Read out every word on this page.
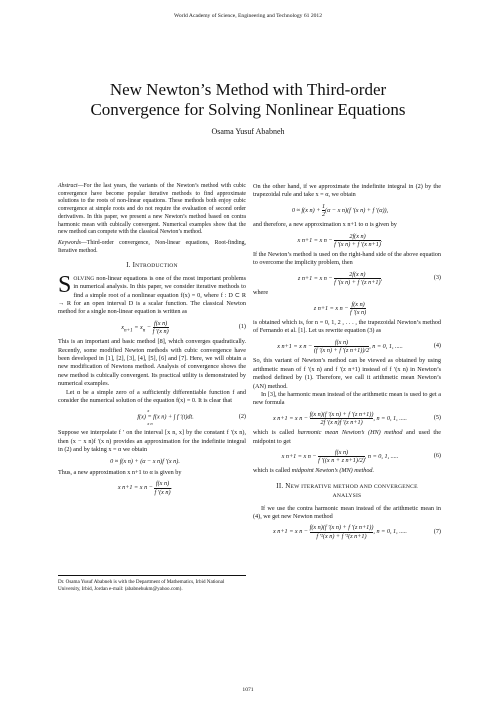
World Academy of Science, Engineering and Technology 61 2012
New Newton’s Method with Third-order
Convergence for Solving Nonlinear Equations
Osama Yusuf Ababneh

Abstract—For the last years, the variants of the Newton’s method with cubic convergence have become popular iterative methods to find approximate solutions to the roots of non-linear equations. These methods both enjoy cubic convergence at simple roots and do not require the evaluation of second order derivatives. In this paper, we present a new Newton’s method based on contra harmonic mean with cubically convergent. Numerical examples show that the new method can compete with the classical Newton’s method.

Keywords—Third-order convergence, Non-linear equations, Root-finding, Iterative method.

I. INTRODUCTION

SOLVING non-linear equations is one of the most important problems in numerical analysis. In this paper, we consider iterative methods to find a simple root of a nonlinear equation f(x) = 0, where f : D ⊂ R → R for an open interval D is a scalar function. The classical Newton method for a single non-linear equation is written as

$x_{n+1} = x_n - \frac{\text{f(x n)}}{\text{f ′(x n)}}$	(1)

This is an important and basic method [8], which converges quadratically. Recently, some modified Newton methods with cubic convergence have been developed in [1], [2], [3], [4], [5], [6] and [7]. Here, we will obtain a new modification of Newtons method. Analysis of convergence shows the new method is cubically convergent. Its practical utility is demonstrated by numerical examples.

Let α be a simple zero of a sufficiently differentiable function f and consider the numerical solution of the equation f(x) = 0. It is clear that

f(x) = f(x n) + ∫ f ′(t)dt.
x
x n
(2)

Suppose we interpolate f ′ on the interval [x n, x] by the constant f ′(x n), then (x − x n)f ′(x n) provides an approximation for the indefinite integral in (2) and by taking x = α we obtain

0 ≈ f(x n) + (α − x n)f ′(x n).

Thus, a new approximation x n+1 to α is given by

x n+1 = x $n - \frac{\text{f(x n)}}{\text{f ′(x n)}}$ .
Dr. Osama Yusuf Ababneh is with the Department of Mathematics, Irbid National University, Irbid, Jordan e-mail: (ababnehukm@yahoo.com).

On the other hand, if we approximate the indefinite integral in (2) by the trapezoidal rule and take x = α, we obtain

0 ≈ f(x $n) + \frac{1}{2} (\alpha - x$ n)(f ′(x n) + f ′(α)),

and therefore, a new approximation x n+1 to α is given by

x n+1 = x $n - \frac{\text{2f(x n)}}{\text{f ′(x n) + f ′(x n+1)}}$ .

If the Newton’s method is used on the right-hand side of the above equation to overcome the implicity problem, then

z n+1 = x $n - \frac{\text{2f(x n)}}{\text{f ′(x n) + f ′(z n+1)}}$ ,	(3)

where

z n+1 = x $n - \frac{\text{f(x n)}}{\text{f ′(x n)}}$

is obtained which is, for n = 0, 1, 2 , . . . , the trapezoidal Newton’s method of Fernando et al. [1]. Let us rewrite equation (3) as

x n+1 = x $n - \frac{\text{f(x n)}}{\text{(f ′(x n) + f ′(z n+1))/2}}$ , n = 0, 1, .....	(4)

So, this variant of Newton’s method can be viewed as obtained by using arithmetic mean of f ′(x n) and f ′(z n+1) instead of f ′(x n) in Newton’s method defined by (1). Therefore, we call it arithmetic mean Newton’s (AN) method.

In [3], the harmonic mean instead of the arithmetic mean is used to get a new formula

x n+1 = x $n - \frac{\text{f(x n)(f ′(x n) + f ′(z n+1))}}{\text{2f ′(x n)f ′(z n+1)}}$ , n = 0, 1, .....	(5)

which is called harmonic mean Newton’s (HN) method and used the midpoint to get

x n+1 = x $n - \frac{\text{f(x n)}}{\text{f ′((x n + z n+1)/2)}}$ , n = 0, 1, .....	(6)

which is called midpoint Newton’s (MN) method.

II. NEW ITERATIVE METHOD AND CONVERGENCE
ANALYSIS

If we use the contra harmonic mean instead of the arithmetic mean in (4), we get new Newton method

x n+1 = x $n - \frac{\text{f(x n)(f ′(x n) + f ′(z n+1))}}{\text{f ′²(x n) + f ′²(z n+1)}}$ , n = 0, 1, .....	(7)
1071
